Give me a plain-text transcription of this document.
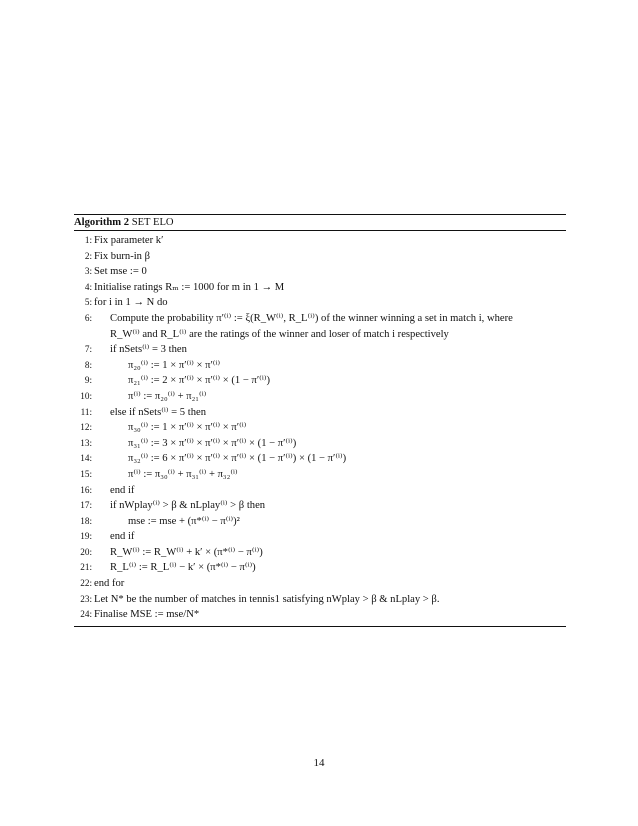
Algorithm 2 SET ELO
1: Fix parameter k′
2: Fix burn-in β
3: Set mse := 0
4: Initialise ratings Rₘ := 1000 for m in 1 → M
5: for i in 1 → N do
6: Compute the probability π′⁽ⁱ⁾ := ξ(R_W⁽ⁱ⁾, R_L⁽ⁱ⁾) of the winner winning a set in match i, where
R_W⁽ⁱ⁾ and R_L⁽ⁱ⁾ are the ratings of the winner and loser of match i respectively
7: if nSets⁽ⁱ⁾ = 3 then
8:	π₂₀⁽ⁱ⁾ := 1 × π′⁽ⁱ⁾ × π′⁽ⁱ⁾
9:	π₂₁⁽ⁱ⁾ := 2 × π′⁽ⁱ⁾ × π′⁽ⁱ⁾ × (1 − π′⁽ⁱ⁾)
10:	π⁽ⁱ⁾ := π₂₀⁽ⁱ⁾ + π₂₁⁽ⁱ⁾
11: else if nSets⁽ⁱ⁾ = 5 then
12:	π₃₀⁽ⁱ⁾ := 1 × π′⁽ⁱ⁾ × π′⁽ⁱ⁾ × π′⁽ⁱ⁾
13:	π₃₁⁽ⁱ⁾ := 3 × π′⁽ⁱ⁾ × π′⁽ⁱ⁾ × π′⁽ⁱ⁾ × (1 − π′⁽ⁱ⁾)
14:	π₃₂⁽ⁱ⁾ := 6 × π′⁽ⁱ⁾ × π′⁽ⁱ⁾ × π′⁽ⁱ⁾ × (1 − π′⁽ⁱ⁾) × (1 − π′⁽ⁱ⁾)
15:	π⁽ⁱ⁾ := π₃₀⁽ⁱ⁾ + π₃₁⁽ⁱ⁾ + π₃₂⁽ⁱ⁾
16: end if
17: if nWplay⁽ⁱ⁾ > β & nLplay⁽ⁱ⁾ > β then
18:	mse := mse + (π*⁽ⁱ⁾ − π⁽ⁱ⁾)²
19: end if
20: R_W⁽ⁱ⁾ := R_W⁽ⁱ⁾ + k′ × (π*⁽ⁱ⁾ − π⁽ⁱ⁾)
21: R_L⁽ⁱ⁾ := R_L⁽ⁱ⁾ − k′ × (π*⁽ⁱ⁾ − π⁽ⁱ⁾)
22: end for
23: Let N* be the number of matches in tennis1 satisfying nWplay > β & nLplay > β.
24: Finalise MSE := mse/N*
14
